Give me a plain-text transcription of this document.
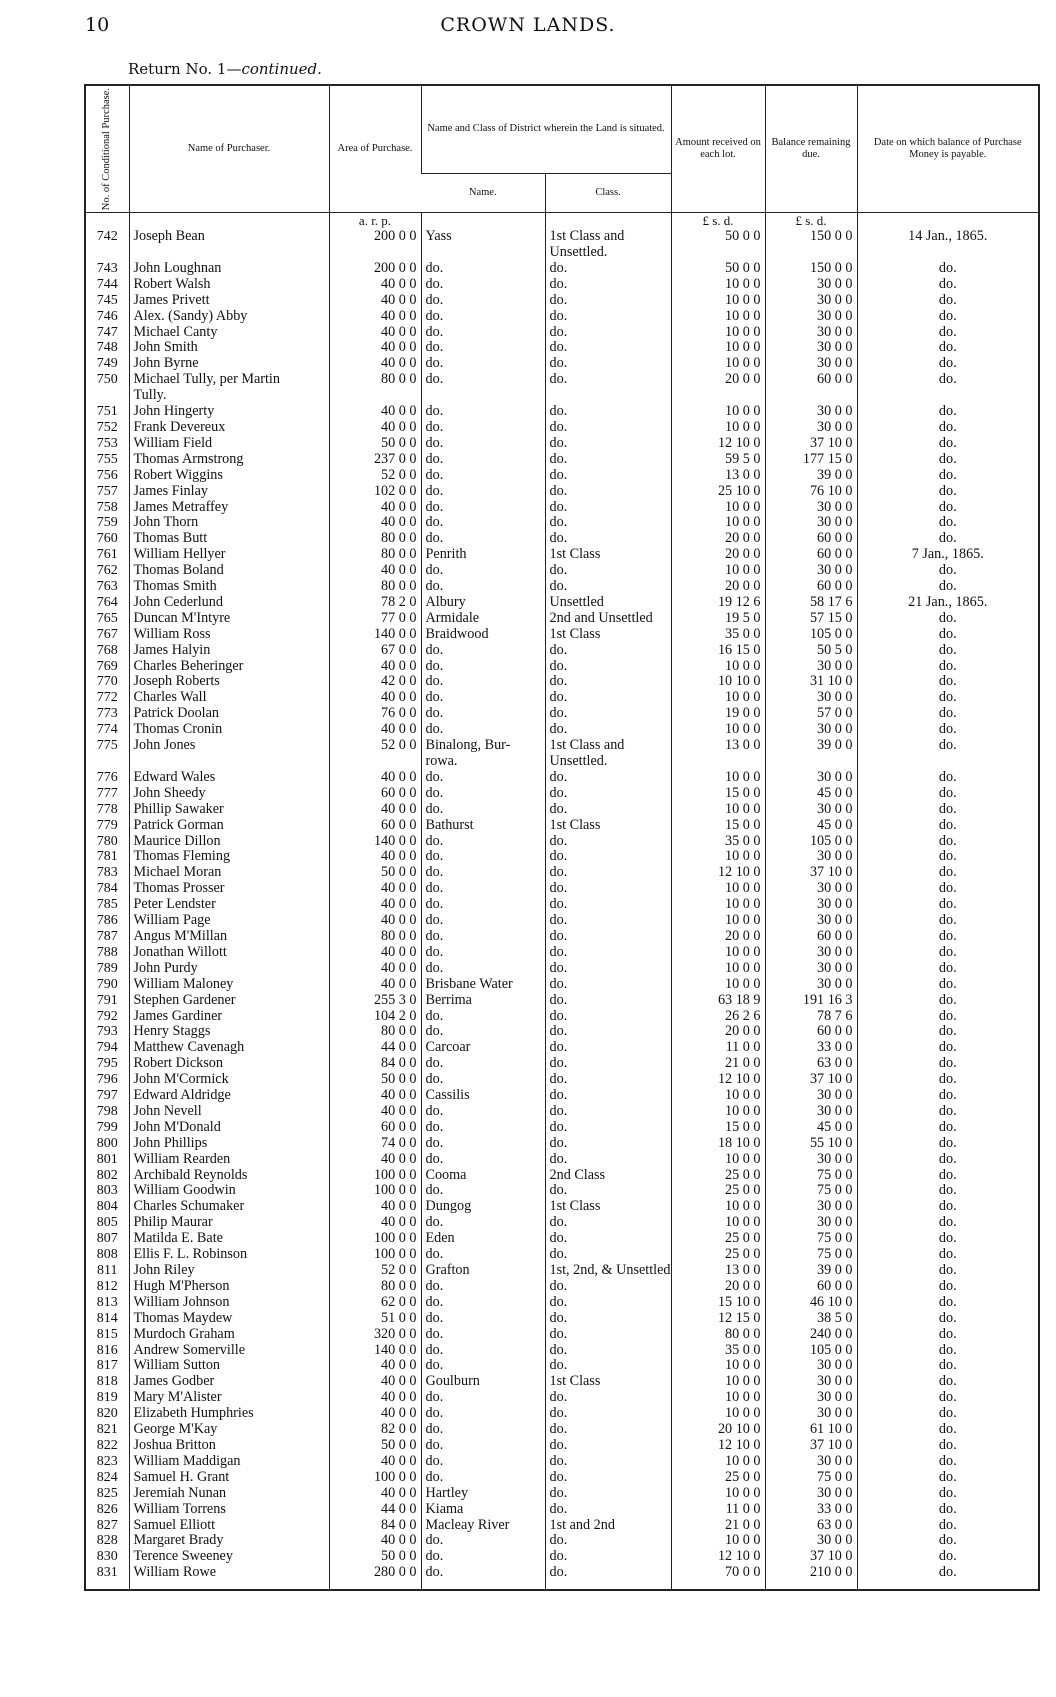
10	CROWN LANDS.
Return No. 1—continued.
No. of Conditional Purchase.	Name of Purchaser.	Area of Purchase.	Name and Class of District wherein the Land is situated.		Amount received on each lot.	Balance remaining due.	Date on which balance of Purchase Money is payable.
			Name.	Class.			
		a. r. p.			£ s. d.	£ s. d.	
742	Joseph Bean	200 0 0	Yass	1st Class and	50 0 0	150 0 0	14 Jan., 1865.
				Unsettled.			
743	John Loughnan	200 0 0	do.	do.	50 0 0	150 0 0	do.
744	Robert Walsh	40 0 0	do.	do.	10 0 0	30 0 0	do.
745	James Privett	40 0 0	do.	do.	10 0 0	30 0 0	do.
746	Alex. (Sandy) Abby	40 0 0	do.	do.	10 0 0	30 0 0	do.
747	Michael Canty	40 0 0	do.	do.	10 0 0	30 0 0	do.
748	John Smith	40 0 0	do.	do.	10 0 0	30 0 0	do.
749	John Byrne	40 0 0	do.	do.	10 0 0	30 0 0	do.
750	Michael Tully, per Martin	80 0 0	do.	do.	20 0 0	60 0 0	do.
	Tully.						
751	John Hingerty	40 0 0	do.	do.	10 0 0	30 0 0	do.
752	Frank Devereux	40 0 0	do.	do.	10 0 0	30 0 0	do.
753	William Field	50 0 0	do.	do.	12 10 0	37 10 0	do.
755	Thomas Armstrong	237 0 0	do.	do.	59 5 0	177 15 0	do.
756	Robert Wiggins	52 0 0	do.	do.	13 0 0	39 0 0	do.
757	James Finlay	102 0 0	do.	do.	25 10 0	76 10 0	do.
758	James Metraffey	40 0 0	do.	do.	10 0 0	30 0 0	do.
759	John Thorn	40 0 0	do.	do.	10 0 0	30 0 0	do.
760	Thomas Butt	80 0 0	do.	do.	20 0 0	60 0 0	do.
761	William Hellyer	80 0 0	Penrith	1st Class	20 0 0	60 0 0	7 Jan., 1865.
762	Thomas Boland	40 0 0	do.	do.	10 0 0	30 0 0	do.
763	Thomas Smith	80 0 0	do.	do.	20 0 0	60 0 0	do.
764	John Cederlund	78 2 0	Albury	Unsettled	19 12 6	58 17 6	21 Jan., 1865.
765	Duncan M'Intyre	77 0 0	Armidale	2nd and Unsettled	19 5 0	57 15 0	do.
767	William Ross	140 0 0	Braidwood	1st Class	35 0 0	105 0 0	do.
768	James Halyin	67 0 0	do.	do.	16 15 0	50 5 0	do.
769	Charles Beheringer	40 0 0	do.	do.	10 0 0	30 0 0	do.
770	Joseph Roberts	42 0 0	do.	do.	10 10 0	31 10 0	do.
772	Charles Wall	40 0 0	do.	do.	10 0 0	30 0 0	do.
773	Patrick Doolan	76 0 0	do.	do.	19 0 0	57 0 0	do.
774	Thomas Cronin	40 0 0	do.	do.	10 0 0	30 0 0	do.
775	John Jones	52 0 0	Binalong, Bur-	1st Class and	13 0 0	39 0 0	do.
			rowa.	Unsettled.			
776	Edward Wales	40 0 0	do.	do.	10 0 0	30 0 0	do.
777	John Sheedy	60 0 0	do.	do.	15 0 0	45 0 0	do.
778	Phillip Sawaker	40 0 0	do.	do.	10 0 0	30 0 0	do.
779	Patrick Gorman	60 0 0	Bathurst	1st Class	15 0 0	45 0 0	do.
780	Maurice Dillon	140 0 0	do.	do.	35 0 0	105 0 0	do.
781	Thomas Fleming	40 0 0	do.	do.	10 0 0	30 0 0	do.
783	Michael Moran	50 0 0	do.	do.	12 10 0	37 10 0	do.
784	Thomas Prosser	40 0 0	do.	do.	10 0 0	30 0 0	do.
785	Peter Lendster	40 0 0	do.	do.	10 0 0	30 0 0	do.
786	William Page	40 0 0	do.	do.	10 0 0	30 0 0	do.
787	Angus M'Millan	80 0 0	do.	do.	20 0 0	60 0 0	do.
788	Jonathan Willott	40 0 0	do.	do.	10 0 0	30 0 0	do.
789	John Purdy	40 0 0	do.	do.	10 0 0	30 0 0	do.
790	William Maloney	40 0 0	Brisbane Water	do.	10 0 0	30 0 0	do.
791	Stephen Gardener	255 3 0	Berrima	do.	63 18 9	191 16 3	do.
792	James Gardiner	104 2 0	do.	do.	26 2 6	78 7 6	do.
793	Henry Staggs	80 0 0	do.	do.	20 0 0	60 0 0	do.
794	Matthew Cavenagh	44 0 0	Carcoar	do.	11 0 0	33 0 0	do.
795	Robert Dickson	84 0 0	do.	do.	21 0 0	63 0 0	do.
796	John M'Cormick	50 0 0	do.	do.	12 10 0	37 10 0	do.
797	Edward Aldridge	40 0 0	Cassilis	do.	10 0 0	30 0 0	do.
798	John Nevell	40 0 0	do.	do.	10 0 0	30 0 0	do.
799	John M'Donald	60 0 0	do.	do.	15 0 0	45 0 0	do.
800	John Phillips	74 0 0	do.	do.	18 10 0	55 10 0	do.
801	William Rearden	40 0 0	do.	do.	10 0 0	30 0 0	do.
802	Archibald Reynolds	100 0 0	Cooma	2nd Class	25 0 0	75 0 0	do.
803	William Goodwin	100 0 0	do.	do.	25 0 0	75 0 0	do.
804	Charles Schumaker	40 0 0	Dungog	1st Class	10 0 0	30 0 0	do.
805	Philip Maurar	40 0 0	do.	do.	10 0 0	30 0 0	do.
807	Matilda E. Bate	100 0 0	Eden	do.	25 0 0	75 0 0	do.
808	Ellis F. L. Robinson	100 0 0	do.	do.	25 0 0	75 0 0	do.
811	John Riley	52 0 0	Grafton	1st, 2nd, & Unsettled	13 0 0	39 0 0	do.
812	Hugh M'Pherson	80 0 0	do.	do.	20 0 0	60 0 0	do.
813	William Johnson	62 0 0	do.	do.	15 10 0	46 10 0	do.
814	Thomas Maydew	51 0 0	do.	do.	12 15 0	38 5 0	do.
815	Murdoch Graham	320 0 0	do.	do.	80 0 0	240 0 0	do.
816	Andrew Somerville	140 0 0	do.	do.	35 0 0	105 0 0	do.
817	William Sutton	40 0 0	do.	do.	10 0 0	30 0 0	do.
818	James Godber	40 0 0	Goulburn	1st Class	10 0 0	30 0 0	do.
819	Mary M'Alister	40 0 0	do.	do.	10 0 0	30 0 0	do.
820	Elizabeth Humphries	40 0 0	do.	do.	10 0 0	30 0 0	do.
821	George M'Kay	82 0 0	do.	do.	20 10 0	61 10 0	do.
822	Joshua Britton	50 0 0	do.	do.	12 10 0	37 10 0	do.
823	William Maddigan	40 0 0	do.	do.	10 0 0	30 0 0	do.
824	Samuel H. Grant	100 0 0	do.	do.	25 0 0	75 0 0	do.
825	Jeremiah Nunan	40 0 0	Hartley	do.	10 0 0	30 0 0	do.
826	William Torrens	44 0 0	Kiama	do.	11 0 0	33 0 0	do.
827	Samuel Elliott	84 0 0	Macleay River	1st and 2nd	21 0 0	63 0 0	do.
828	Margaret Brady	40 0 0	do.	do.	10 0 0	30 0 0	do.
830	Terence Sweeney	50 0 0	do.	do.	12 10 0	37 10 0	do.
831	William Rowe	280 0 0	do.	do.	70 0 0	210 0 0	do.
